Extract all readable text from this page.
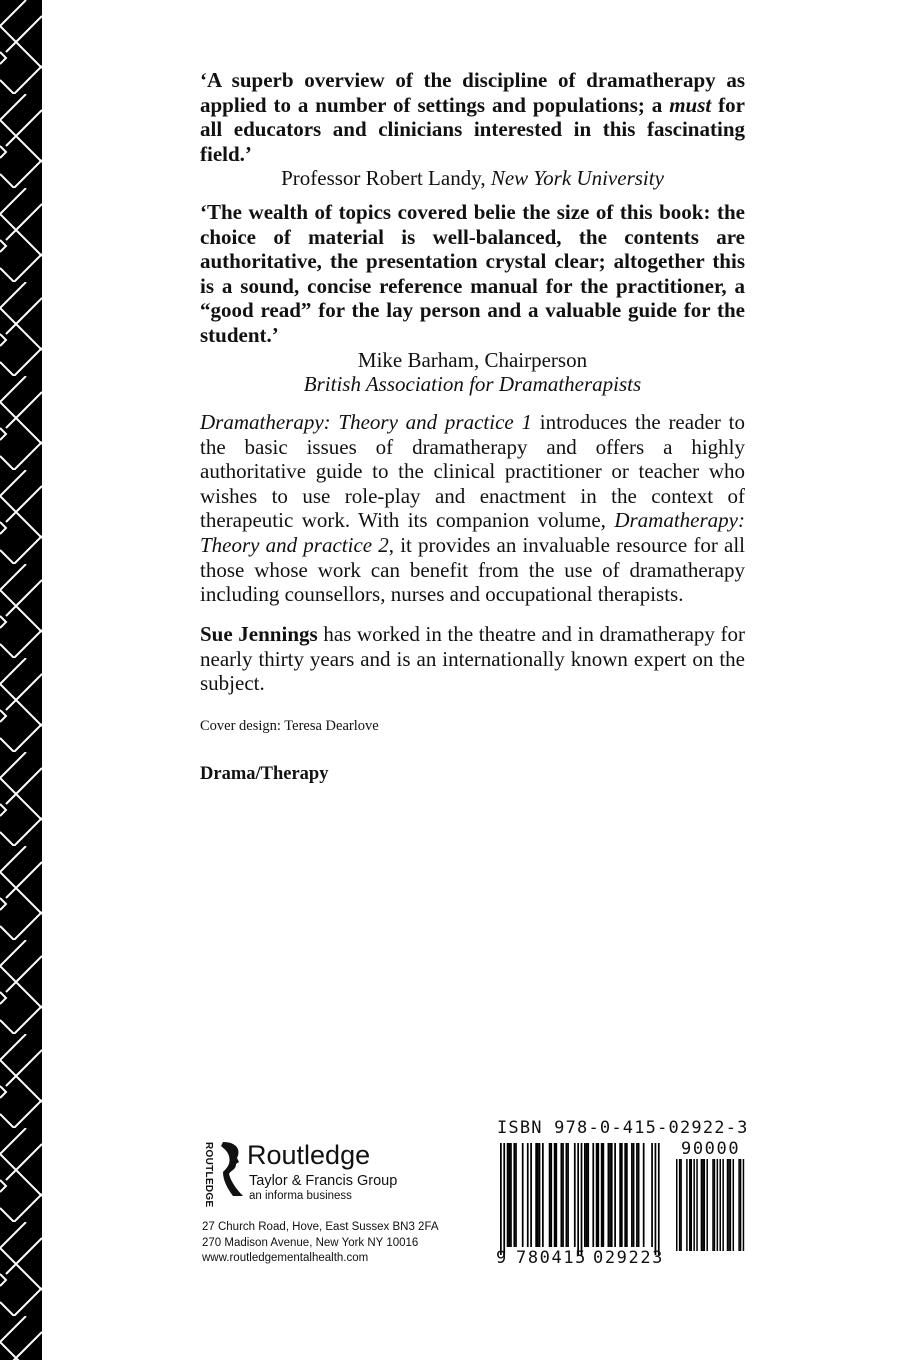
‘A superb overview of the discipline of dramatherapy as applied to a number of settings and populations; a must for all educators and clinicians interested in this fascinating field.’

Professor Robert Landy, New York University

‘The wealth of topics covered belie the size of this book: the choice of material is well-balanced, the contents are authoritative, the presentation crystal clear; altogether this is a sound, concise reference manual for the practitioner, a “good read” for the lay person and a valuable guide for the student.’

Mike Barham, Chairperson

British Association for Dramatherapists

Dramatherapy: Theory and practice 1 introduces the reader to the basic issues of dramatherapy and offers a highly authoritative guide to the clinical practitioner or teacher who wishes to use role-play and enactment in the context of therapeutic work. With its companion volume, Dramatherapy: Theory and practice 2, it provides an invaluable resource for all those whose work can benefit from the use of dramatherapy including counsellors, nurses and occupational therapists.

Sue Jennings has worked in the theatre and in dramatherapy for nearly thirty years and is an internationally known expert on the subject.

Cover design: Teresa Dearlove

Drama/Therapy

ROUTLEDGE Routledge
Taylor & Francis Group
an informa business
27 Church Road, Hove, East Sussex BN3 2FA
270 Madison Avenue, New York NY 10016
www.routledgementalhealth.com
ISBN 978-0-415-02922-3
90000
9 780415 029223
